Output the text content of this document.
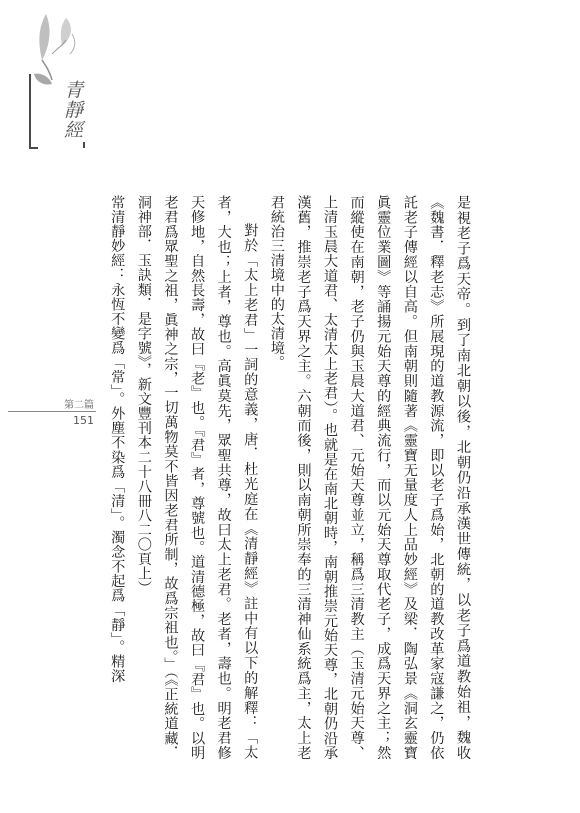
青靜經

是視老子爲天帝。到了南北朝以後，北朝仍沿承漢世傳統，以老子爲道教始祖，魏收《魏書．釋老志》所展現的道教源流，即以老子爲始，北朝的道教改革家寇謙之，仍依託老子傳經以自高。但南朝則隨著《靈寶无量度人上品妙經》及梁．陶弘景《洞玄靈寶眞靈位業圖》等誦揚元始天尊的經典流行，而以元始天尊取代老子，成爲天界之主；然而縱使在南朝，老子仍與玉晨大道君、元始天尊並立，稱爲三清教主（玉清元始天尊、上清玉晨大道君、太清太上老君）。也就是在南北朝時，南朝推崇元始天尊，北朝仍沿承漢舊，推崇老子爲天界之主。六朝而後，則以南朝所崇奉的三清神仙系統爲主，太上老君統治三清境中的太清境。

對於「太上老君」一詞的意義，唐．杜光庭在《清靜經》註中有以下的解釋：「太者，大也；上者，尊也。高眞莫先，眾聖共尊，故曰太上老君。老者，壽也。明老君修天修地，自然長壽，故曰『老』也。『君』者，尊號也。道清德極，故曰『君』也。以明老君爲眾聖之祖，眞神之宗，一切萬物莫不皆因老君所制，故爲宗祖也。」（《正統道藏．洞神部．玉訣類．是字號》，新文豐刊本二十八冊八二〇頁上）

常清靜妙經：永恆不變爲「常」。外塵不染爲「清」。濁念不起爲「靜」。精深

第二篇
151
